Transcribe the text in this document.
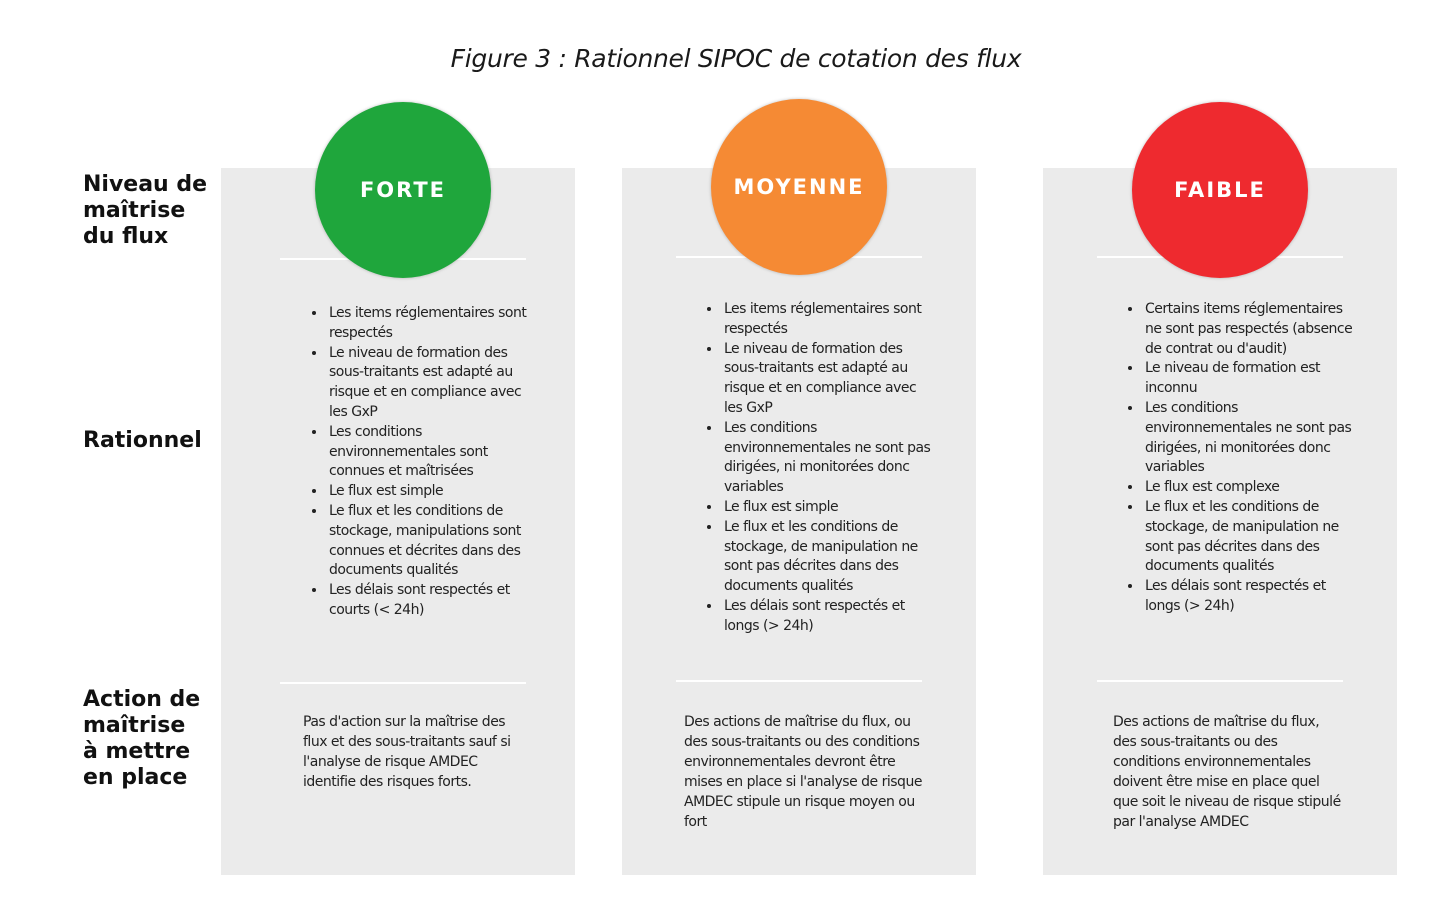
Figure 3 : Rationnel SIPOC de cotation des flux
Niveau de
maîtrise
du flux
Rationnel
Action de
maîtrise
à mettre
en place
FORTE
• Les items réglementaires sont respectés
• Le niveau de formation des sous-traitants est adapté au risque et en compliance avec les GxP
• Les conditions environnementales sont connues et maîtrisées
• Le flux est simple
• Le flux et les conditions de stockage, manipulations sont connues et décrites dans des documents qualités
• Les délais sont respectés et courts (< 24h)
Pas d'action sur la maîtrise des flux et des sous-traitants sauf si l'analyse de risque AMDEC identifie des risques forts.
MOYENNE
• Les items réglementaires sont respectés
• Le niveau de formation des sous-traitants est adapté au risque et en compliance avec les GxP
• Les conditions environnementales ne sont pas dirigées, ni monitorées donc variables
• Le flux est simple
• Le flux et les conditions de stockage, de manipulation ne sont pas décrites dans des documents qualités
• Les délais sont respectés et longs (> 24h)
Des actions de maîtrise du flux, ou des sous-traitants ou des conditions environnementales devront être mises en place si l'analyse de risque AMDEC stipule un risque moyen ou fort
FAIBLE
• Certains items réglementaires ne sont pas respectés (absence de contrat ou d'audit)
• Le niveau de formation est inconnu
• Les conditions environnementales ne sont pas dirigées, ni monitorées donc variables
• Le flux est complexe
• Le flux et les conditions de stockage, de manipulation ne sont pas décrites dans des documents qualités
• Les délais sont respectés et longs (> 24h)
Des actions de maîtrise du flux, des sous-traitants ou des conditions environnementales doivent être mise en place quel que soit le niveau de risque stipulé par l'analyse AMDEC
